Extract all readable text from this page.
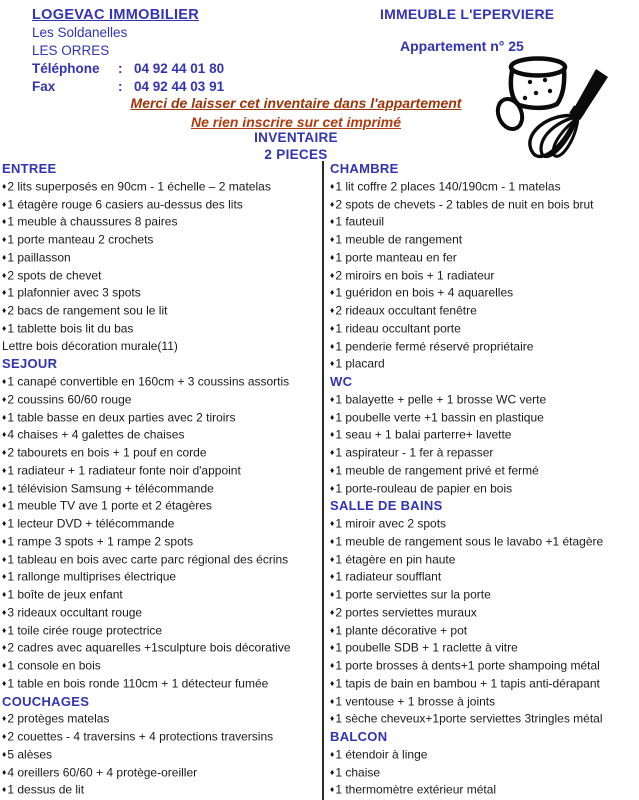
LOGEVAC IMMOBILIER
Les Soldanelles
LES ORRES
Téléphone : 04 92 44 01 80
Fax	: 04 92 44 03 91
IMMEUBLE L'EPERVIERE
Appartement n° 25
Merci de laisser cet inventaire dans l'appartement
Ne rien inscrire sur cet imprimé
INVENTAIRE
2 PIECES
ENTREE
♦2 lits superposés en 90cm - 1 échelle – 2 matelas
♦1 étagère rouge 6 casiers au-dessus des lits
♦1 meuble à chaussures 8 paires
♦1 porte manteau 2 crochets
♦1 paillasson
♦2 spots de chevet
♦1 plafonnier avec 3 spots
♦2 bacs de rangement sou le lit
♦1 tablette bois lit du bas
Lettre bois décoration murale(11)
SEJOUR
♦1 canapé convertible en 160cm + 3 coussins assortis
♦2 coussins 60/60 rouge
♦1 table basse en deux parties avec 2 tiroirs
♦4 chaises + 4 galettes de chaises
♦2 tabourets en bois + 1 pouf en corde
♦1 radiateur + 1 radiateur fonte noir d'appoint
♦1 télévision Samsung + télécommande
♦1 meuble TV ave 1 porte et 2 étagères
♦1 lecteur DVD + télécommande
♦1 rampe 3 spots + 1 rampe 2 spots
♦1 tableau en bois avec carte parc régional des écrins
♦1 rallonge multiprises électrique
♦1 boîte de jeux enfant
♦3 rideaux occultant rouge
♦1 toile cirée rouge protectrice
♦2 cadres avec aquarelles +1sculpture bois décorative
♦1 console en bois
♦1 table en bois ronde 110cm + 1 détecteur fumée
COUCHAGES
♦2 protèges matelas
♦2 couettes - 4 traversins + 4 protections traversins
♦5 alèses
♦4 oreillers 60/60 + 4 protège-oreiller
♦1 dessus de lit
CHAMBRE
♦1 lit coffre 2 places 140/190cm - 1 matelas
♦2 spots de chevets - 2 tables de nuit en bois brut
♦1 fauteuil
♦1 meuble de rangement
♦1 porte manteau en fer
♦2 miroirs en bois + 1 radiateur
♦1 guéridon en bois + 4 aquarelles
♦2 rideaux occultant fenêtre
♦1 rideau occultant porte
♦1 penderie fermé réservé propriétaire
♦1 placard
WC
♦1 balayette + pelle + 1 brosse WC verte
♦1 poubelle verte +1 bassin en plastique
♦1 seau + 1 balai parterre+ lavette
♦1 aspirateur - 1 fer à repasser
♦1 meuble de rangement privé et fermé
♦1 porte-rouleau de papier en bois
SALLE DE BAINS
♦1 miroir avec 2 spots
♦1 meuble de rangement sous le lavabo +1 étagère
♦1 étagère en pin haute
♦1 radiateur soufflant
♦1 porte serviettes sur la porte
♦2 portes serviettes muraux
♦1 plante décorative + pot
♦1 poubelle SDB + 1 raclette à vitre
♦1 porte brosses à dents+1 porte shampoing métal
♦1 tapis de bain en bambou + 1 tapis anti-dérapant
♦1 ventouse + 1 brosse à joints
♦1 sèche cheveux+1porte serviettes 3tringles métal
BALCON
♦1 étendoir à linge
♦1 chaise
♦1 thermomètre extérieur métal
